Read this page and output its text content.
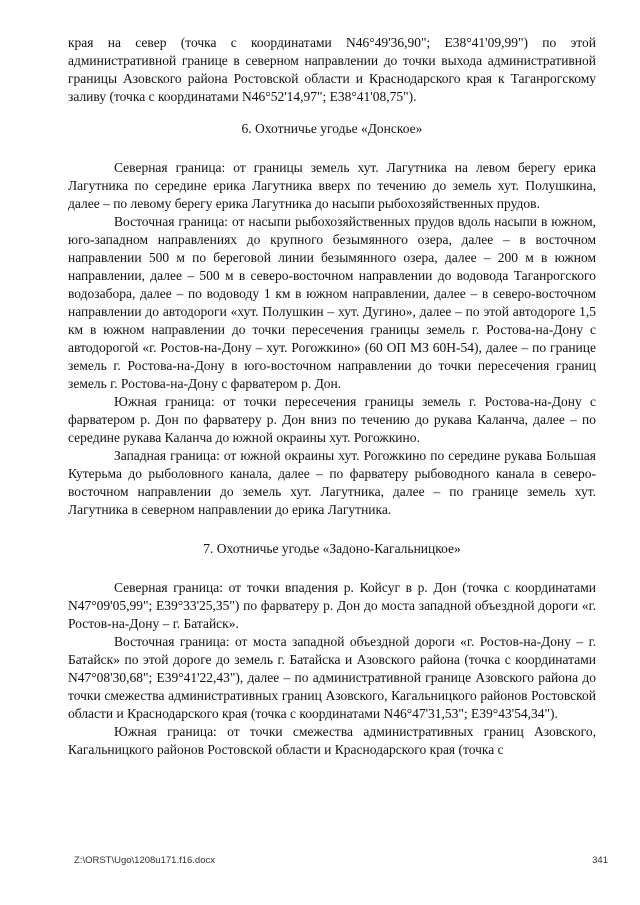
края на север (точка с координатами N46°49'36,90"; E38°41'09,99") по этой административной границе в северном направлении до точки выхода административной границы Азовского района Ростовской области и Краснодарского края к Таганрогскому заливу (точка с координатами N46°52'14,97"; E38°41'08,75").

6. Охотничье угодье «Донское»

Северная граница: от границы земель хут. Лагутника на левом берегу ерика Лагутника по середине ерика Лагутника вверх по течению до земель хут. Полушкина, далее – по левому берегу ерика Лагутника до насыпи рыбохозяйственных прудов.

Восточная граница: от насыпи рыбохозяйственных прудов вдоль насыпи в южном, юго-западном направлениях до крупного безымянного озера, далее – в восточном направлении 500 м по береговой линии безымянного озера, далее – 200 м в южном направлении, далее – 500 м в северо-восточном направлении до водовода Таганрогского водозабора, далее – по водоводу 1 км в южном направлении, далее – в северо-восточном направлении до автодороги «хут. Полушкин – хут. Дугино», далее – по этой автодороге 1,5 км в южном направлении до точки пересечения границы земель г. Ростова-на-Дону с автодорогой «г. Ростов-на-Дону – хут. Рогожкино» (60 ОП МЗ 60Н-54), далее – по границе земель г. Ростова-на-Дону в юго-восточном направлении до точки пересечения границ земель г. Ростова-на-Дону с фарватером р. Дон.

Южная граница: от точки пересечения границы земель г. Ростова-на-Дону с фарватером р. Дон по фарватеру р. Дон вниз по течению до рукава Каланча, далее – по середине рукава Каланча до южной окраины хут. Рогожкино.

Западная граница: от южной окраины хут. Рогожкино по середине рукава Большая Кутерьма до рыболовного канала, далее – по фарватеру рыбоводного канала в северо-восточном направлении до земель хут. Лагутника, далее – по границе земель хут. Лагутника в северном направлении до ерика Лагутника.

7. Охотничье угодье «Задоно-Кагальницкое»

Северная граница: от точки впадения р. Койсуг в р. Дон (точка с координатами N47°09'05,99"; E39°33'25,35") по фарватеру р. Дон до моста западной объездной дороги «г. Ростов-на-Дону – г. Батайск».

Восточная граница: от моста западной объездной дороги «г. Ростов-на-Дону – г. Батайск» по этой дороге до земель г. Батайска и Азовского района (точка с координатами N47°08'30,68"; E39°41'22,43"), далее – по административной границе Азовского района до точки смежества административных границ Азовского, Кагальницкого районов Ростовской области и Краснодарского края (точка с координатами N46°47'31,53"; E39°43'54,34").

Южная граница: от точки смежества административных границ Азовского, Кагальницкого районов Ростовской области и Краснодарского края (точка с

Z:\ORST\Ugo\1208u171.f16.docx	341
